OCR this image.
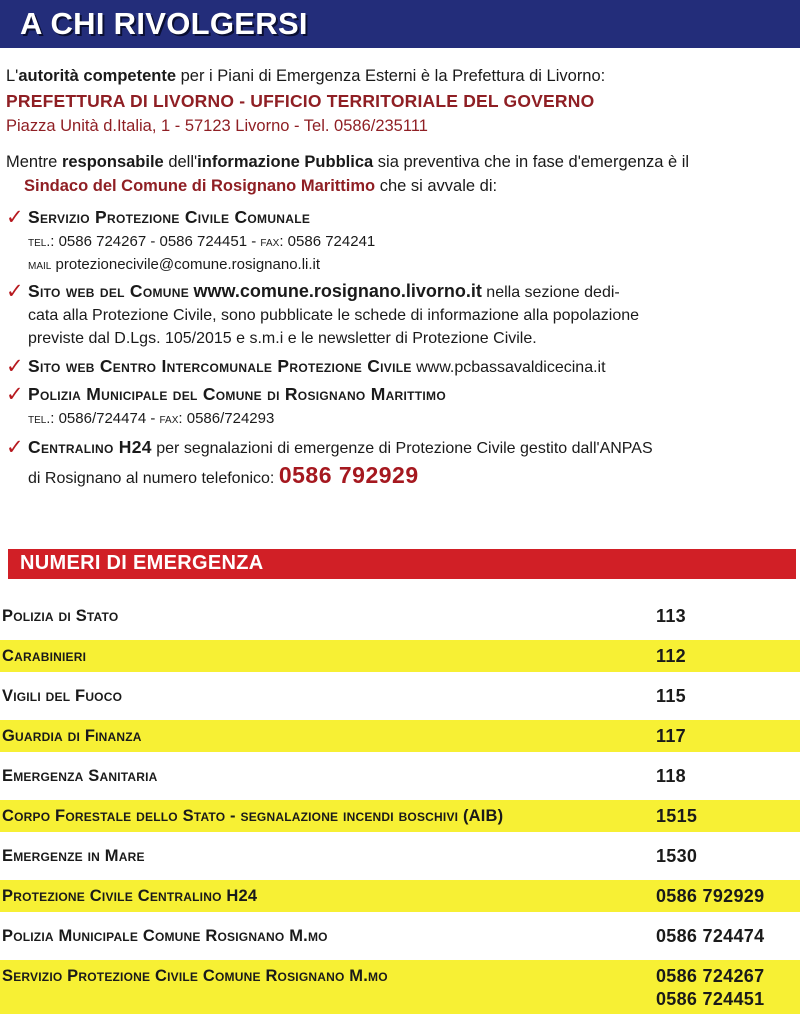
A CHI RIVOLGERSI
L'autorità competente per i Piani di Emergenza Esterni è la Prefettura di Livorno:
PREFETTURA DI LIVORNO - UFFICIO TERRITORIALE DEL GOVERNO
Piazza Unità d.Italia, 1 - 57123 Livorno - Tel. 0586/235111
Mentre responsabile dell'informazione Pubblica sia preventiva che in fase d'emergenza è il
Sindaco del Comune di Rosignano Marittimo che si avvale di:
✓ Servizio Protezione Civile Comunale
tel.: 0586 724267 - 0586 724451 - fax: 0586 724241
mail protezionecivile@comune.rosignano.li.it
✓ Sito web del Comune www.comune.rosignano.livorno.it nella sezione dedi-
cata alla Protezione Civile, sono pubblicate le schede di informazione alla popolazione
previste dal D.Lgs. 105/2015 e s.m.i e le newsletter di Protezione Civile.
✓ Sito web Centro Intercomunale Protezione Civile www.pcbassavaldicecina.it
✓ Polizia Municipale del Comune di Rosignano Marittimo
tel.: 0586/724474 - fax: 0586/724293
✓ Centralino H24 per segnalazioni di emergenze di Protezione Civile gestito dall'ANPAS
di Rosignano al numero telefonico: 0586 792929
NUMERI DI EMERGENZA
Polizia di Stato	113
Carabinieri	112
Vigili del Fuoco	115
Guardia di Finanza	117
Emergenza Sanitaria	118
Corpo Forestale dello Stato - segnalazione incendi boschivi (AIB)	1515
Emergenze in Mare	1530
Protezione Civile Centralino H24	0586 792929
Polizia Municipale Comune Rosignano M.mo	0586 724474
Servizio Protezione Civile Comune Rosignano M.mo	0586 724267
0586 724451
